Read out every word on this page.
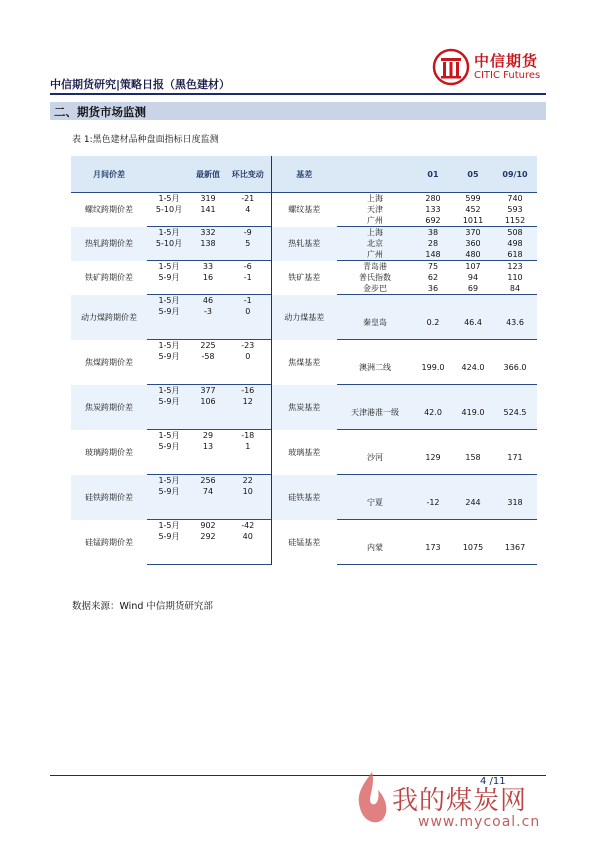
中信期货研究|策略日报（黑色建材）
中信期货
CITIC Futures
二、期货市场监测
表 1:黑色建材品种盘面指标日度监测
月间价差		最新值	环比变动	基差		01	05	09/10
螺纹跨期价差	1-5月	319	-21	螺纹基差	上海	280	599	740
	5-10月	141	4		天津	133	452	593
					广州	692	1011	1152
热轧跨期价差	1-5月	332	-9	热轧基差	上海	38	370	508
	5-10月	138	5		北京	28	360	498
					广州	148	480	618
铁矿跨期价差	1-5月	33	-6	铁矿基差	青岛港	75	107	123
	5-9月	16	-1		普氏指数	62	94	110
					金步巴	36	69	84
动力煤跨期价差	1-5月	46	-1	动力煤基差				
	5-9月	-3	0					
					秦皇岛	0.2	46.4	43.6

焦煤跨期价差	1-5月	225	-23	焦煤基差				
	5-9月	-58	0					
					澳洲二线	199.0	424.0	366.0

焦炭跨期价差	1-5月	377	-16	焦炭基差				
	5-9月	106	12					
					天津港准一级	42.0	419.0	524.5

玻璃跨期价差	1-5月	29	-18	玻璃基差				
	5-9月	13	1					
					沙河	129	158	171

硅铁跨期价差	1-5月	256	22	硅铁基差				
	5-9月	74	10					
					宁夏	-12	244	318

硅锰跨期价差	1-5月	902	-42	硅锰基差				
	5-9月	292	40					
					内蒙	173	1075	1367

数据来源：Wind 中信期货研究部
4 /11
我的煤炭网
www.mycoal.cn
